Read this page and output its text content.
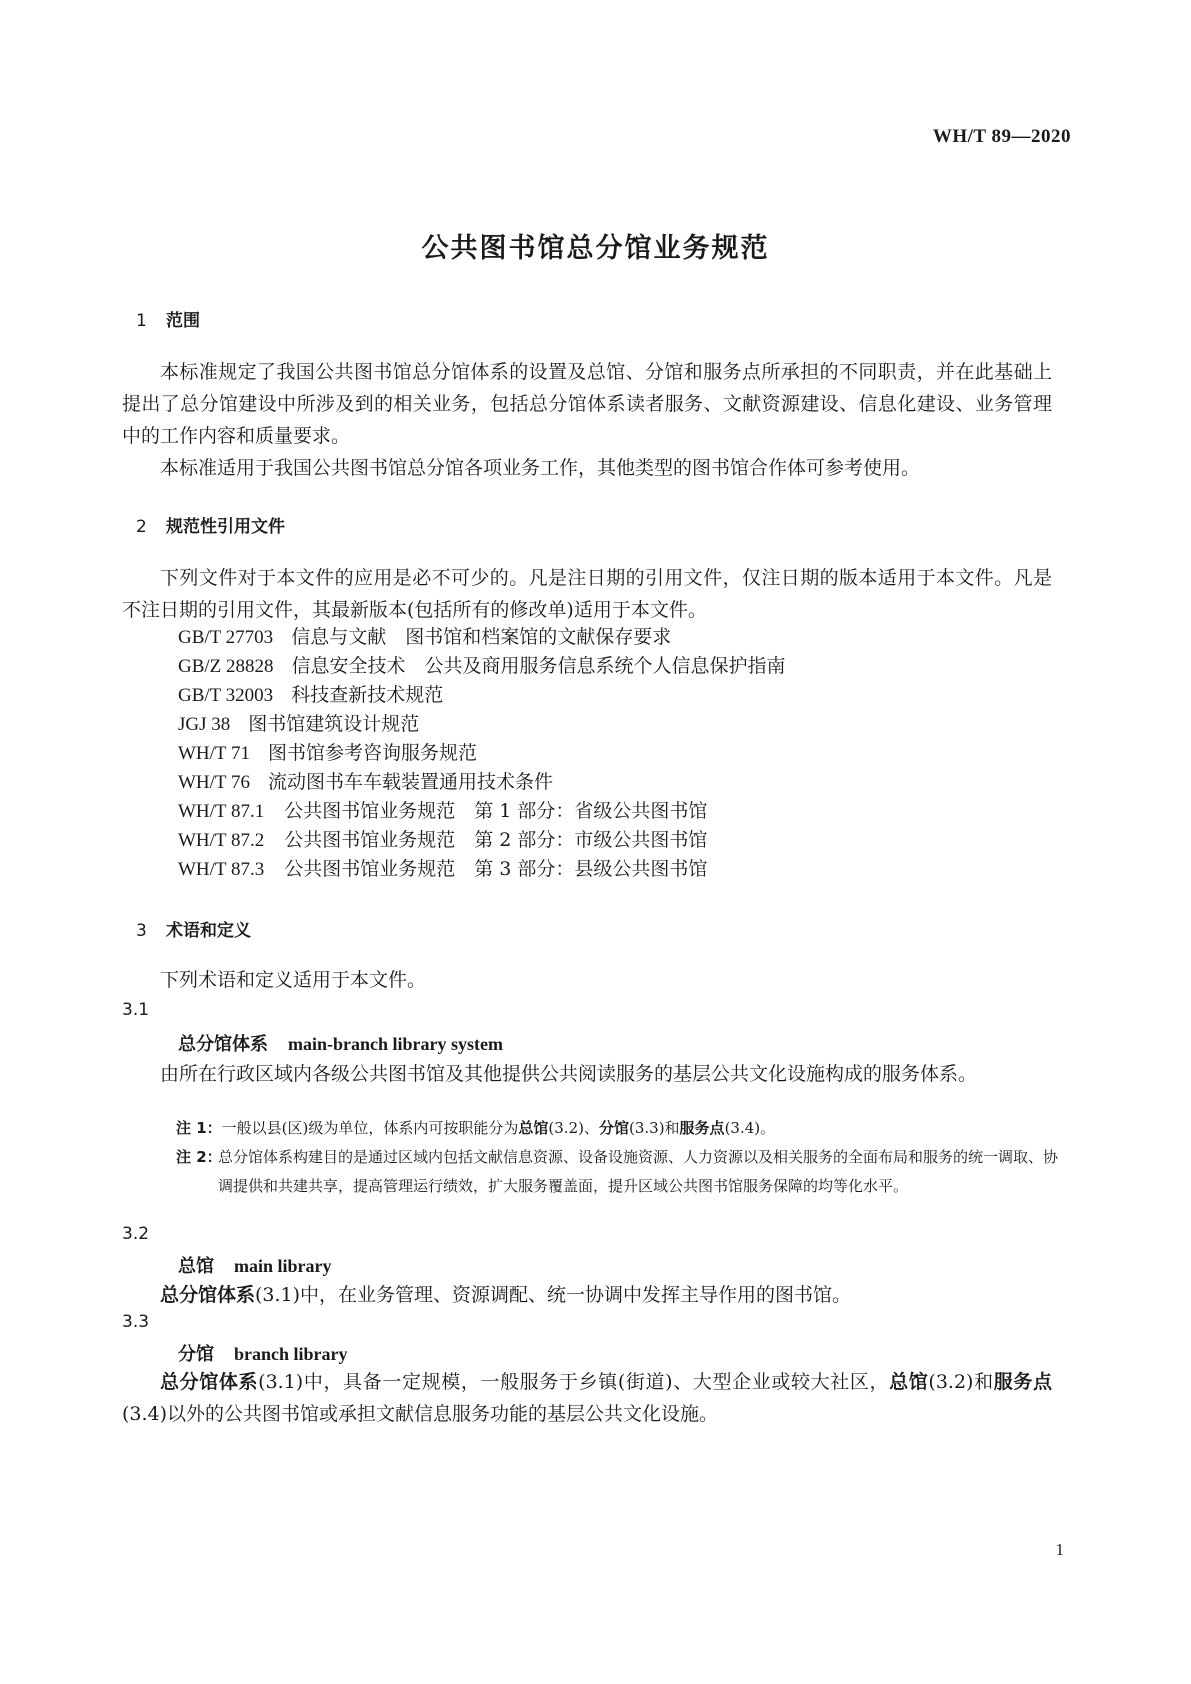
WH/T 89—2020
公共图书馆总分馆业务规范
1 范围
本标准规定了我国公共图书馆总分馆体系的设置及总馆、分馆和服务点所承担的不同职责，并在此基础上提出了总分馆建设中所涉及到的相关业务，包括总分馆体系读者服务、文献资源建设、信息化建设、业务管理中的工作内容和质量要求。
本标准适用于我国公共图书馆总分馆各项业务工作，其他类型的图书馆合作体可参考使用。
2 规范性引用文件
下列文件对于本文件的应用是必不可少的。凡是注日期的引用文件，仅注日期的版本适用于本文件。凡是不注日期的引用文件，其最新版本(包括所有的修改单)适用于本文件。
GB/T 27703 信息与文献　图书馆和档案馆的文献保存要求
GB/Z 28828 信息安全技术　公共及商用服务信息系统个人信息保护指南
GB/T 32003 科技查新技术规范
JGJ 38 图书馆建筑设计规范
WH/T 71 图书馆参考咨询服务规范
WH/T 76 流动图书车车载装置通用技术条件
WH/T 87.1 公共图书馆业务规范　第 1 部分：省级公共图书馆
WH/T 87.2 公共图书馆业务规范　第 2 部分：市级公共图书馆
WH/T 87.3 公共图书馆业务规范　第 3 部分：县级公共图书馆
3 术语和定义
下列术语和定义适用于本文件。
3.1
总分馆体系 main-branch library system
由所在行政区域内各级公共图书馆及其他提供公共阅读服务的基层公共文化设施构成的服务体系。
注 1：一般以县(区)级为单位，体系内可按职能分为总馆(3.2)、分馆(3.3)和服务点(3.4)。
注 2：
总分馆体系构建目的是通过区域内包括文献信息资源、设备设施资源、人力资源以及相关服务的全面布局和服务的统一调取、协调提供和共建共享，提高管理运行绩效，扩大服务覆盖面，提升区域公共图书馆服务保障的均等化水平。
3.2
总馆 main library
总分馆体系(3.1)中，在业务管理、资源调配、统一协调中发挥主导作用的图书馆。
3.3
分馆 branch library
总分馆体系(3.1)中，具备一定规模，一般服务于乡镇(街道)、大型企业或较大社区，总馆(3.2)和服务点(3.4)以外的公共图书馆或承担文献信息服务功能的基层公共文化设施。
1
